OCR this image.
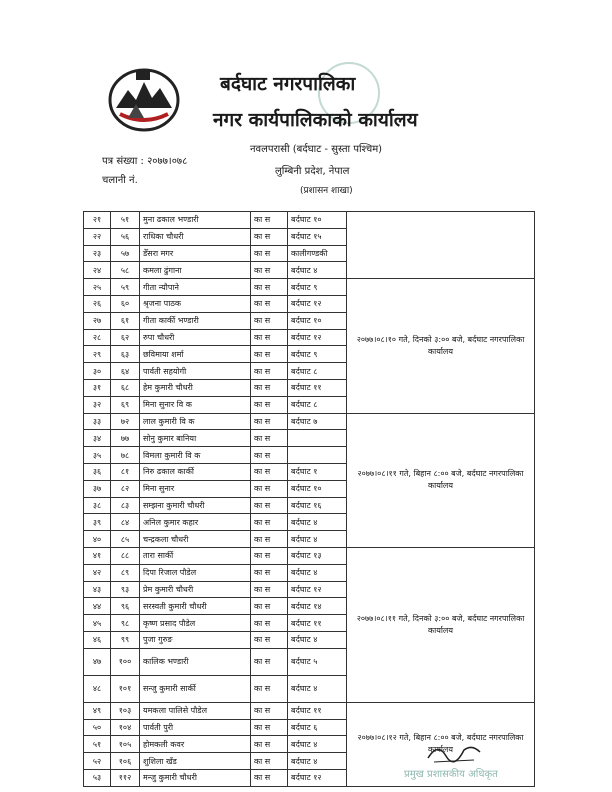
बर्दघाट नगरपालिका
नगर कार्यपालिकाको कार्यालय
नवलपरासी (बर्दघाट - सुस्ता पश्चिम)
लुम्बिनी प्रदेश, नेपाल
(प्रशासन शाखा)
पत्र संख्या : २०७७।०७८
चलानी नं.
२१	५१	मुना ढकाल भण्डारी	का स	बर्दघाट १०	
२२	५६	राधिका चौधरी	का स	बर्दघाट १५	
२३	५७	डेँसरा मगर	का स	कालीगण्डकी	
२४	५८	कमला ढुंगाना	का स	बर्दघाट ४	
२५	५९	गीता न्यौपाने	का स	बर्दघाट ९	२०७७।०८।१० गते, दिनको ३:०० बजे, बर्दघाट नगरपालिका कार्यालय
२६	६०	श्रृजना पाठक	का स	बर्दघाट १२	
२७	६१	गीता कार्की भण्डारी	का स	बर्दघाट १०	
२८	६२	रुपा चौधरी	का स	बर्दघाट १२	
२९	६३	छविमाया शर्मा	का स	बर्दघाट ९	
३०	६४	पार्वती सहयोगी	का स	बर्दघाट ८	
३१	६८	हेम कुमारी चौधरी	का स	बर्दघाट ११	
३२	६९	मिना सुनार वि क	का स	बर्दघाट ८	
३३	७२	लाल कुमारी वि क	का स	बर्दघाट ७	२०७७।०८।११ गते, बिहान ८:०० बजे, बर्दघाट नगरपालिका कार्यालय
३४	७७	सोनु कुमार बानिया	का स		
३५	७८	विमला कुमारी वि क	का स		
३६	८१	निरु ढकाल कार्की	का स	बर्दघाट १	
३७	८२	मिना सुनार	का स	बर्दघाट १०	
३८	८३	सम्झना कुमारी चौधरी	का स	बर्दघाट १६	
३९	८४	अनिल कुमार कहार	का स	बर्दघाट ४	
४०	८५	चन्द्रकला चौधरी	का स	बर्दघाट ४	
४१	८८	तारा सार्की	का स	बर्दघाट १३	२०७७।०८।११ गते, दिनको ३:०० बजे, बर्दघाट नगरपालिका कार्यालय
४२	८९	दिपा रिजाल पौडेल	का स	बर्दघाट ४	
४३	९३	प्रेम कुमारी चौधरी	का स	बर्दघाट १२	
४४	९६	सरस्वती कुमारी चौधरी	का स	बर्दघाट १४	
४५	९८	कृष्ण प्रसाद पौडेल	का स	बर्दघाट ११	
४६	९९	पुजा गुरुङ	का स	बर्दघाट ४	
४७	१००	कालिक भण्डारी	का स	बर्दघाट ५	
४८	१०१	सन्जु कुमारी सार्की	का स	बर्दघाट ४	
४९	१०३	यमकला पालिसे पौडेल	का स	बर्दघाट ११	२०७७।०८।१२ गते, बिहान ८:०० बजे, बर्दघाट नगरपालिका कार्यालय
५०	१०४	पार्वती पुरी	का स	बर्दघाट ६	
५१	१०५	होमकली कवर	का स	बर्दघाट ४	
५२	१०६	शुशिला खँड	का स	बर्दघाट ४	
५३	११२	मन्जु कुमारी चौधरी	का स	बर्दघाट १२		प्रमुख प्रशासकीय अधिकृत
